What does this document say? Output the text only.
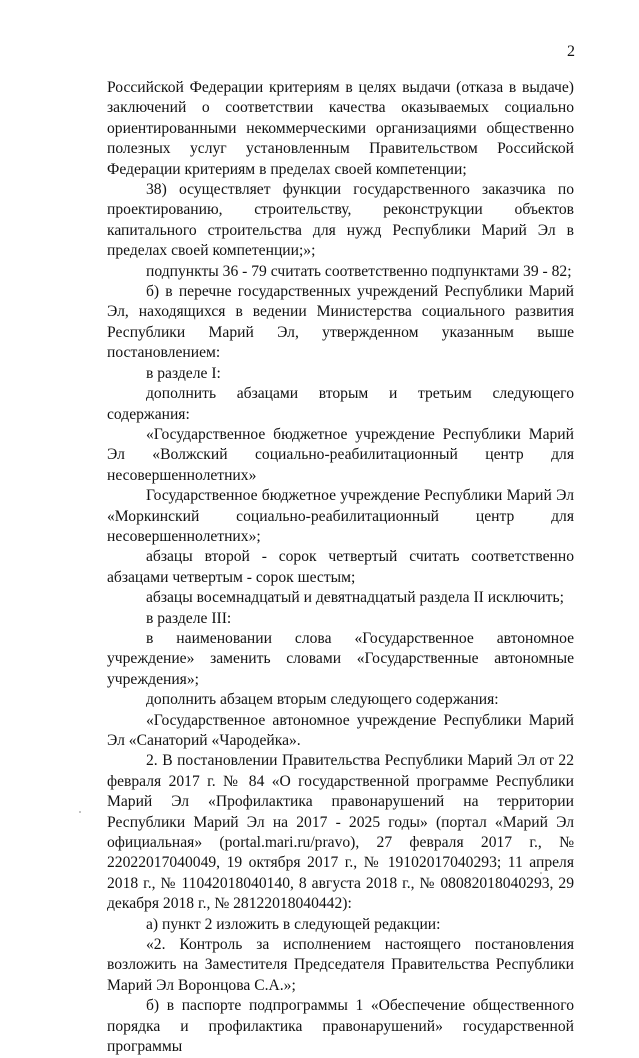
2

Российской Федерации критериям в целях выдачи (отказа в выдаче) заключений о соответствии качества оказываемых социально ориентированными некоммерческими организациями общественно полезных услуг установленным Правительством Российской Федерации критериям в пределах своей компетенции;

38) осуществляет функции государственного заказчика по проектированию, строительству, реконструкции объектов капитального строительства для нужд Республики Марий Эл в пределах своей компетенции;»;

подпункты 36 - 79 считать соответственно подпунктами 39 - 82;

б) в перечне государственных учреждений Республики Марий Эл, находящихся в ведении Министерства социального развития Республики Марий Эл, утвержденном указанным выше постановлением:

в разделе I:

дополнить абзацами вторым и третьим следующего содержания:

«Государственное бюджетное учреждение Республики Марий Эл «Волжский социально-реабилитационный центр для несовершеннолетних»

Государственное бюджетное учреждение Республики Марий Эл «Моркинский социально-реабилитационный центр для несовершеннолетних»;

абзацы второй - сорок четвертый считать соответственно абзацами четвертым - сорок шестым;

абзацы восемнадцатый и девятнадцатый раздела II исключить;

в разделе III:

в наименовании слова «Государственное автономное учреждение» заменить словами «Государственные автономные учреждения»;

дополнить абзацем вторым следующего содержания:

«Государственное автономное учреждение Республики Марий Эл «Санаторий «Чародейка».

2. В постановлении Правительства Республики Марий Эл от 22 февраля 2017 г. № 84 «О государственной программе Республики Марий Эл «Профилактика правонарушений на территории Республики Марий Эл на 2017 - 2025 годы» (портал «Марий Эл официальная» (portal.mari.ru/pravo), 27 февраля 2017 г., № 22022017040049, 19 октября 2017 г., № 19102017040293; 11 апреля 2018 г., № 11042018040140, 8 августа 2018 г., № 08082018040293, 29 декабря 2018 г., № 28122018040442):

а) пункт 2 изложить в следующей редакции:

«2. Контроль за исполнением настоящего постановления возложить на Заместителя Председателя Правительства Республики Марий Эл Воронцова С.А.»;

б) в паспорте подпрограммы 1 «Обеспечение общественного порядка и профилактика правонарушений» государственной программы
